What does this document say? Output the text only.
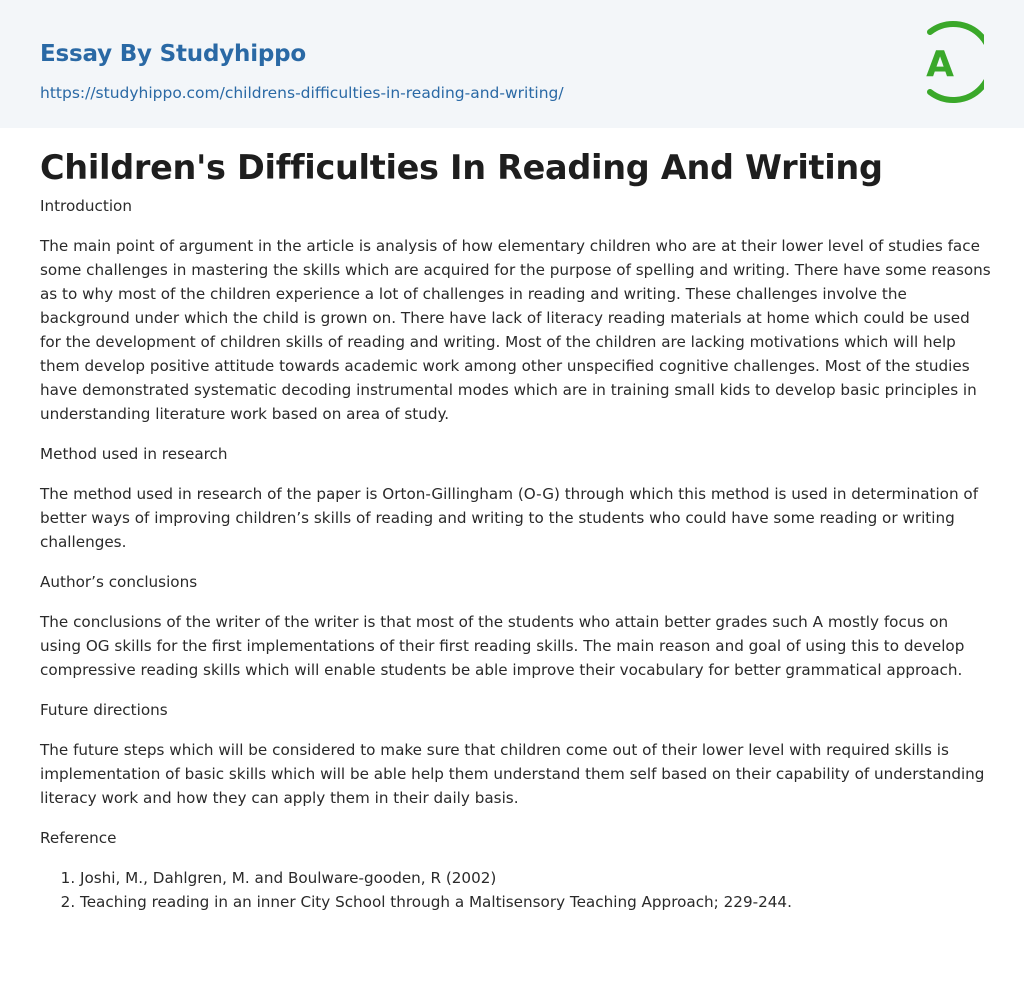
Essay By Studyhippo
https://studyhippo.com/childrens-difficulties-in-reading-and-writing/
A
Children's Difficulties In Reading And Writing

Introduction

The main point of argument in the article is analysis of how elementary children who are at their lower level of studies face some challenges in mastering the skills which are acquired for the purpose of spelling and writing. There have some reasons as to why most of the children experience a lot of challenges in reading and writing. These challenges involve the background under which the child is grown on. There have lack of literacy reading materials at home which could be used for the development of children skills of reading and writing. Most of the children are lacking motivations which will help them develop positive attitude towards academic work among other unspecified cognitive challenges. Most of the studies have demonstrated systematic decoding instrumental modes which are in training small kids to develop basic principles in understanding literature work based on area of study.

Method used in research

The method used in research of the paper is Orton-Gillingham (O-G) through which this method is used in determination of better ways of improving children’s skills of reading and writing to the students who could have some reading or writing challenges.

Author’s conclusions

The conclusions of the writer of the writer is that most of the students who attain better grades such A mostly focus on using OG skills for the first implementations of their first reading skills. The main reason and goal of using this to develop compressive reading skills which will enable students be able improve their vocabulary for better grammatical approach.

Future directions

The future steps which will be considered to make sure that children come out of their lower level with required skills is implementation of basic skills which will be able help them understand them self based on their capability of understanding literacy work and how they can apply them in their daily basis.

Reference

1. Joshi, M., Dahlgren, M. and Boulware-gooden, R (2002)
2. Teaching reading in an inner City School through a Maltisensory Teaching Approach; 229-244.
